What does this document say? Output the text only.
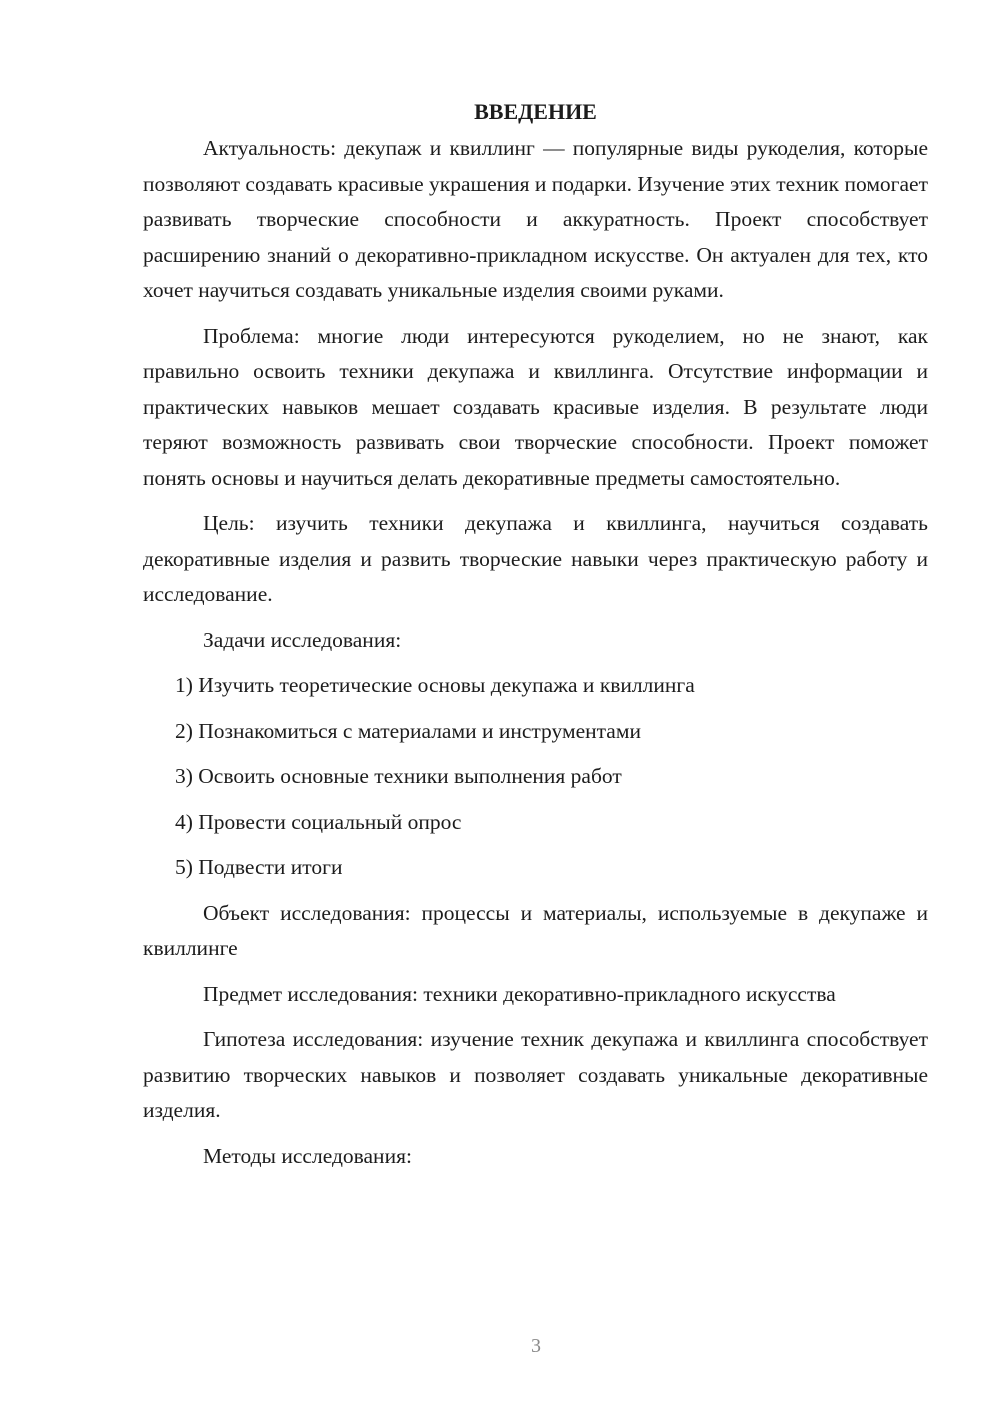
ВВЕДЕНИЕ

Актуальность: декупаж и квиллинг — популярные виды рукоделия, которые позволяют создавать красивые украшения и подарки. Изучение этих техник помогает развивать творческие способности и аккуратность. Проект способствует расширению знаний о декоративно-прикладном искусстве. Он актуален для тех, кто хочет научиться создавать уникальные изделия своими руками.

Проблема: многие люди интересуются рукоделием, но не знают, как правильно освоить техники декупажа и квиллинга. Отсутствие информации и практических навыков мешает создавать красивые изделия. В результате люди теряют возможность развивать свои творческие способности. Проект поможет понять основы и научиться делать декоративные предметы самостоятельно.

Цель: изучить техники декупажа и квиллинга, научиться создавать декоративные изделия и развить творческие навыки через практическую работу и исследование.

Задачи исследования:

1) Изучить теоретические основы декупажа и квиллинга
2) Познакомиться с материалами и инструментами
3) Освоить основные техники выполнения работ
4) Провести социальный опрос
5) Подвести итоги

Объект исследования: процессы и материалы, используемые в декупаже и квиллинге

Предмет исследования: техники декоративно-прикладного искусства

Гипотеза исследования: изучение техник декупажа и квиллинга способствует развитию творческих навыков и позволяет создавать уникальные декоративные изделия.

Методы исследования:

3
